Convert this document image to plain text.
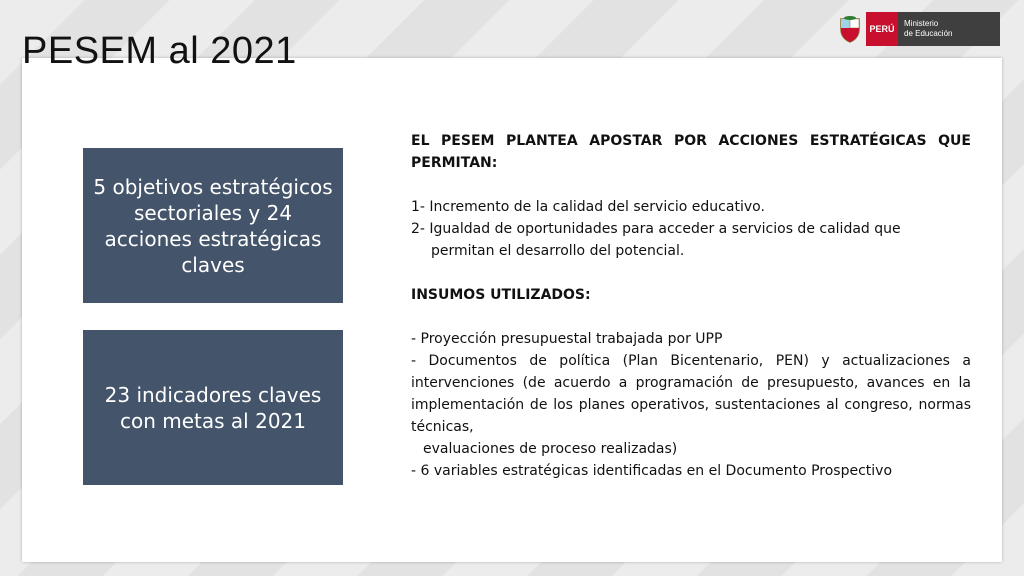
PESEM al 2021
PERÚ
Ministerio
de Educación
5 objetivos estratégicos sectoriales y 24 acciones estratégicas claves
23 indicadores claves con metas al 2021

EL PESEM PLANTEA APOSTAR POR ACCIONES ESTRATÉGICAS QUE PERMITAN:

1- Incremento de la calidad del servicio educativo.

2- Igualdad de oportunidades para acceder a servicios de calidad que

permitan el desarrollo del potencial.

INSUMOS UTILIZADOS:

- Proyección presupuestal trabajada por UPP

- Documentos de política (Plan Bicentenario, PEN) y actualizaciones a intervenciones (de acuerdo a programación de presupuesto, avances en la implementación de los planes operativos, sustentaciones al congreso, normas técnicas,

evaluaciones de proceso realizadas)

- 6 variables estratégicas identificadas en el Documento Prospectivo
